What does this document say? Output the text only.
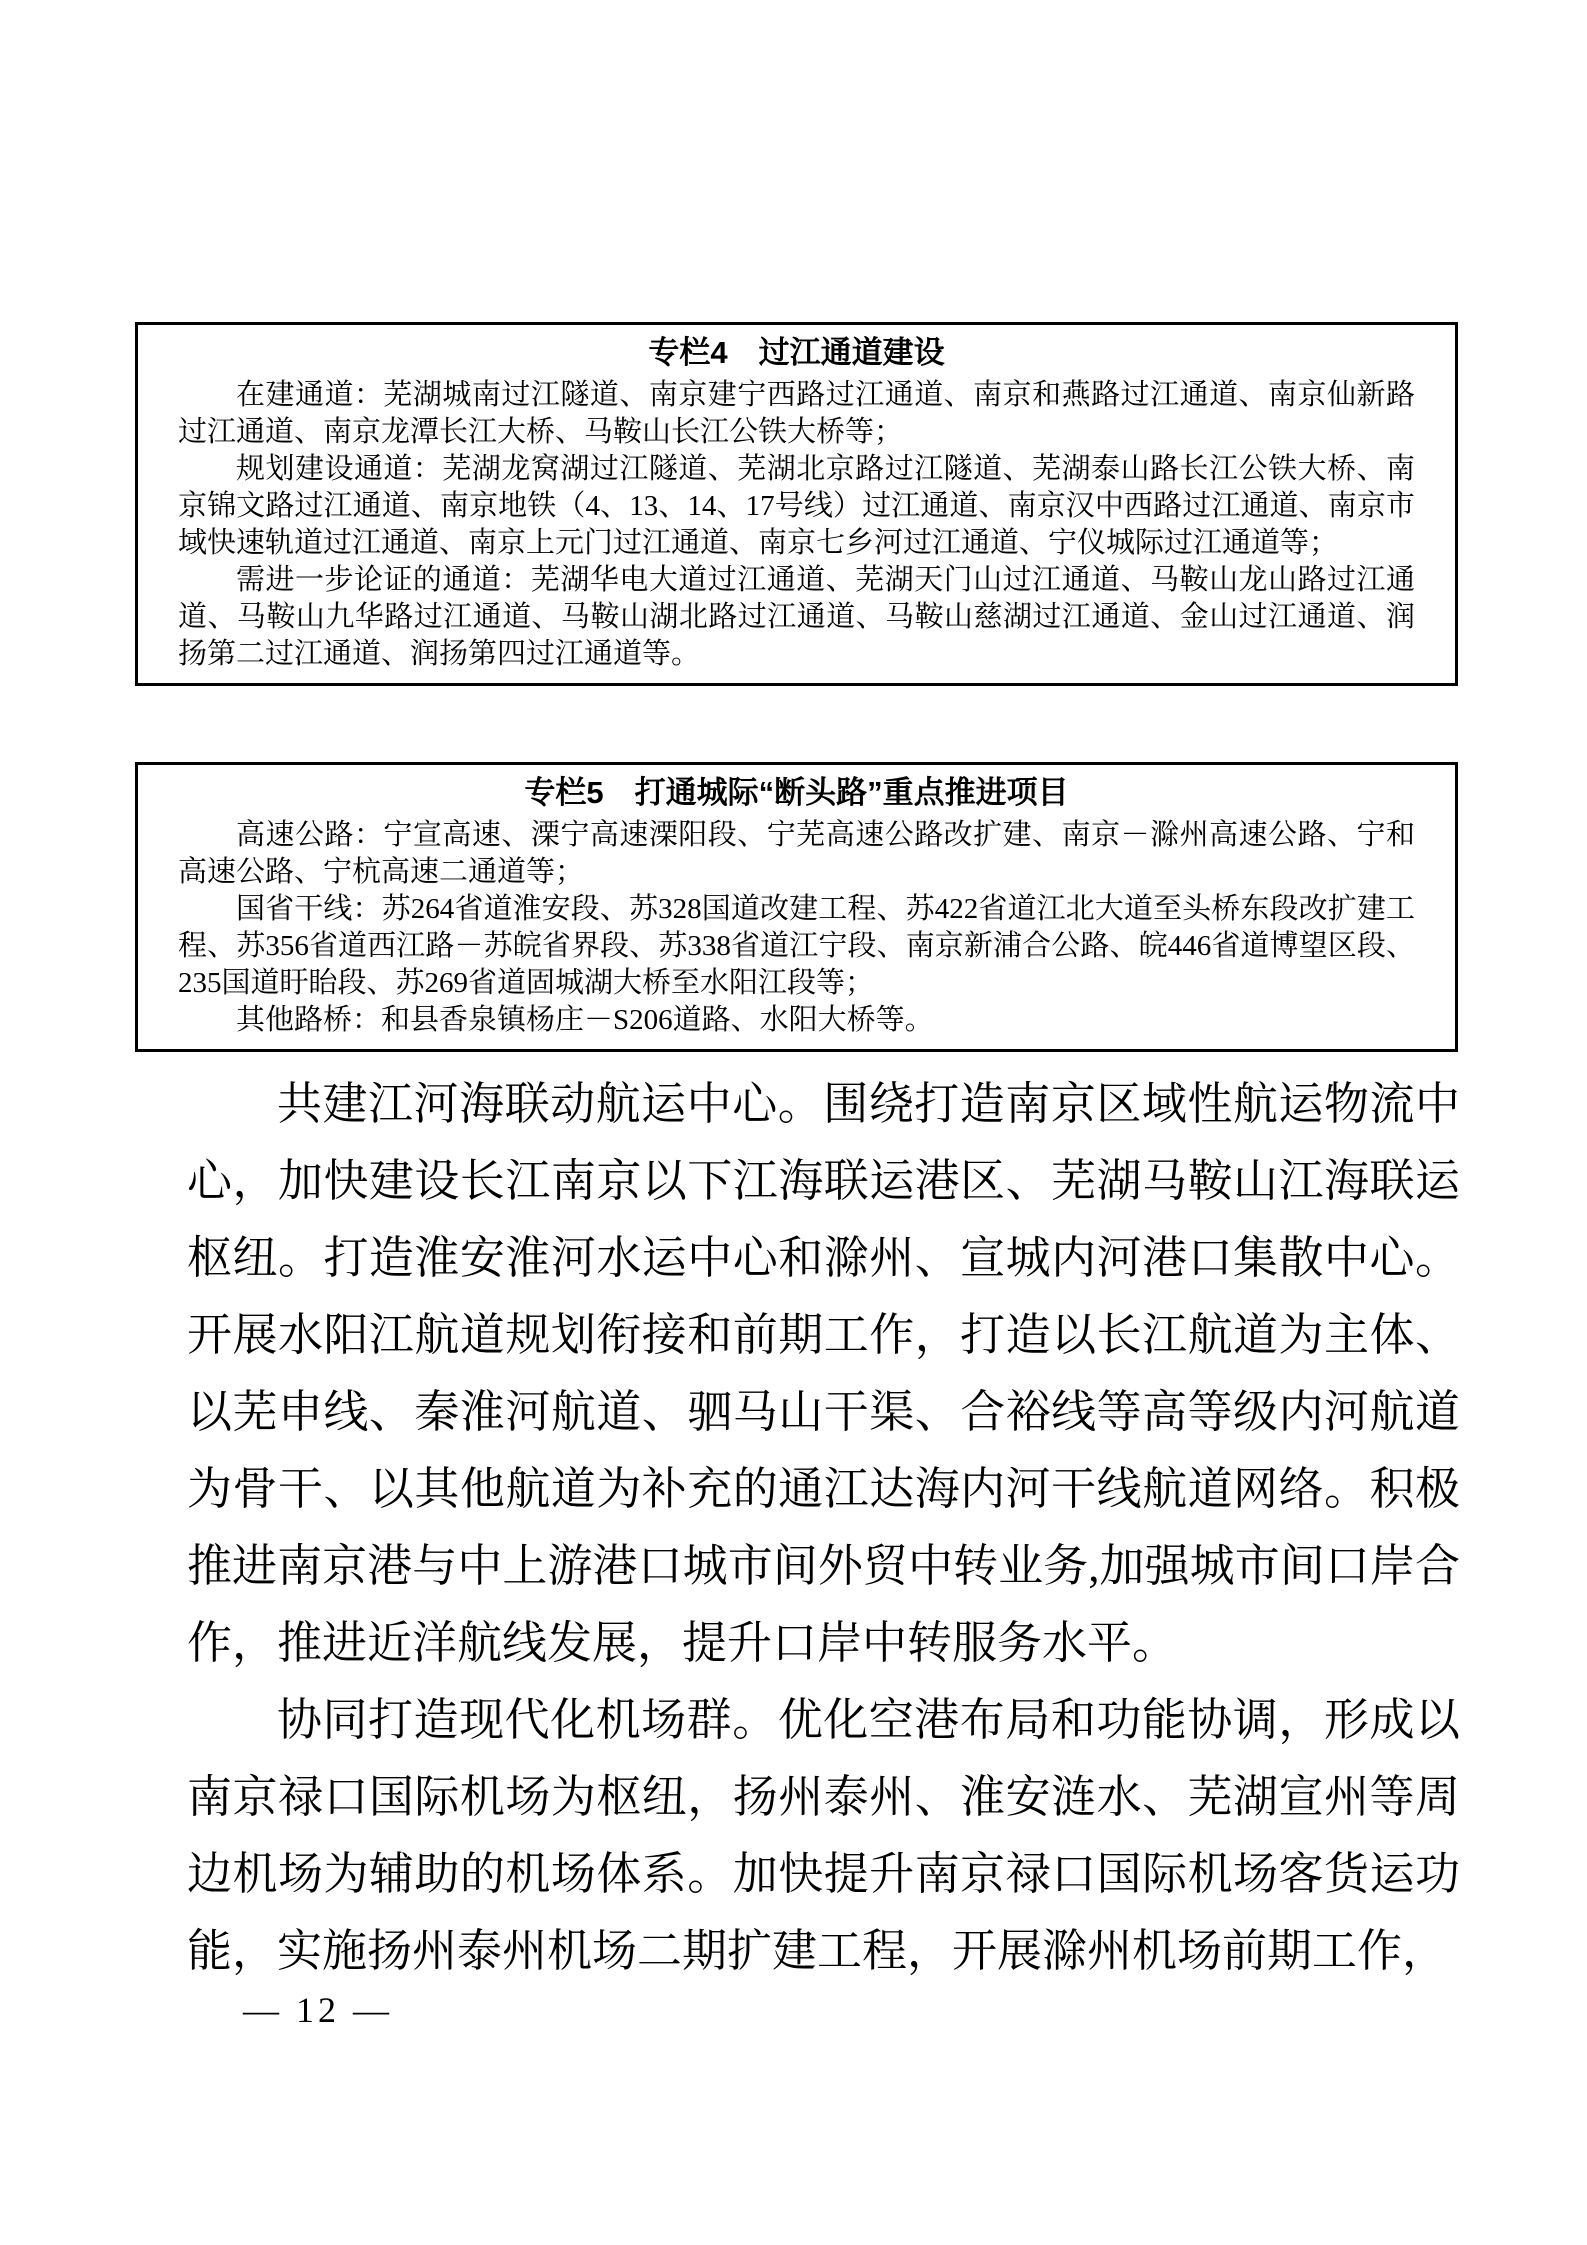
专栏4　过江通道建设

在建通道：芜湖城南过江隧道、南京建宁西路过江通道、南京和燕路过江通道、南京仙新路过江通道、南京龙潭长江大桥、马鞍山长江公铁大桥等；

规划建设通道：芜湖龙窝湖过江隧道、芜湖北京路过江隧道、芜湖泰山路长江公铁大桥、南京锦文路过江通道、南京地铁（4、13、14、17号线）过江通道、南京汉中西路过江通道、南京市域快速轨道过江通道、南京上元门过江通道、南京七乡河过江通道、宁仪城际过江通道等；

需进一步论证的通道：芜湖华电大道过江通道、芜湖天门山过江通道、马鞍山龙山路过江通道、马鞍山九华路过江通道、马鞍山湖北路过江通道、马鞍山慈湖过江通道、金山过江通道、润扬第二过江通道、润扬第四过江通道等。

专栏5　打通城际“断头路”重点推进项目

高速公路：宁宣高速、溧宁高速溧阳段、宁芜高速公路改扩建、南京－滁州高速公路、宁和高速公路、宁杭高速二通道等；

国省干线：苏264省道淮安段、苏328国道改建工程、苏422省道江北大道至头桥东段改扩建工程、苏356省道西江路－苏皖省界段、苏338省道江宁段、南京新浦合公路、皖446省道博望区段、235国道盱眙段、苏269省道固城湖大桥至水阳江段等；

其他路桥：和县香泉镇杨庄－S206道路、水阳大桥等。

共建江河海联动航运中心。围绕打造南京区域性航运物流中心，加快建设长江南京以下江海联运港区、芜湖马鞍山江海联运枢纽。打造淮安淮河水运中心和滁州、宣城内河港口集散中心。开展水阳江航道规划衔接和前期工作，打造以长江航道为主体、以芜申线、秦淮河航道、驷马山干渠、合裕线等高等级内河航道为骨干、以其他航道为补充的通江达海内河干线航道网络。积极推进南京港与中上游港口城市间外贸中转业务,加强城市间口岸合作，推进近洋航线发展，提升口岸中转服务水平。

协同打造现代化机场群。优化空港布局和功能协调，形成以南京禄口国际机场为枢纽，扬州泰州、淮安涟水、芜湖宣州等周边机场为辅助的机场体系。加快提升南京禄口国际机场客货运功能，实施扬州泰州机场二期扩建工程，开展滁州机场前期工作，

— 12 —
